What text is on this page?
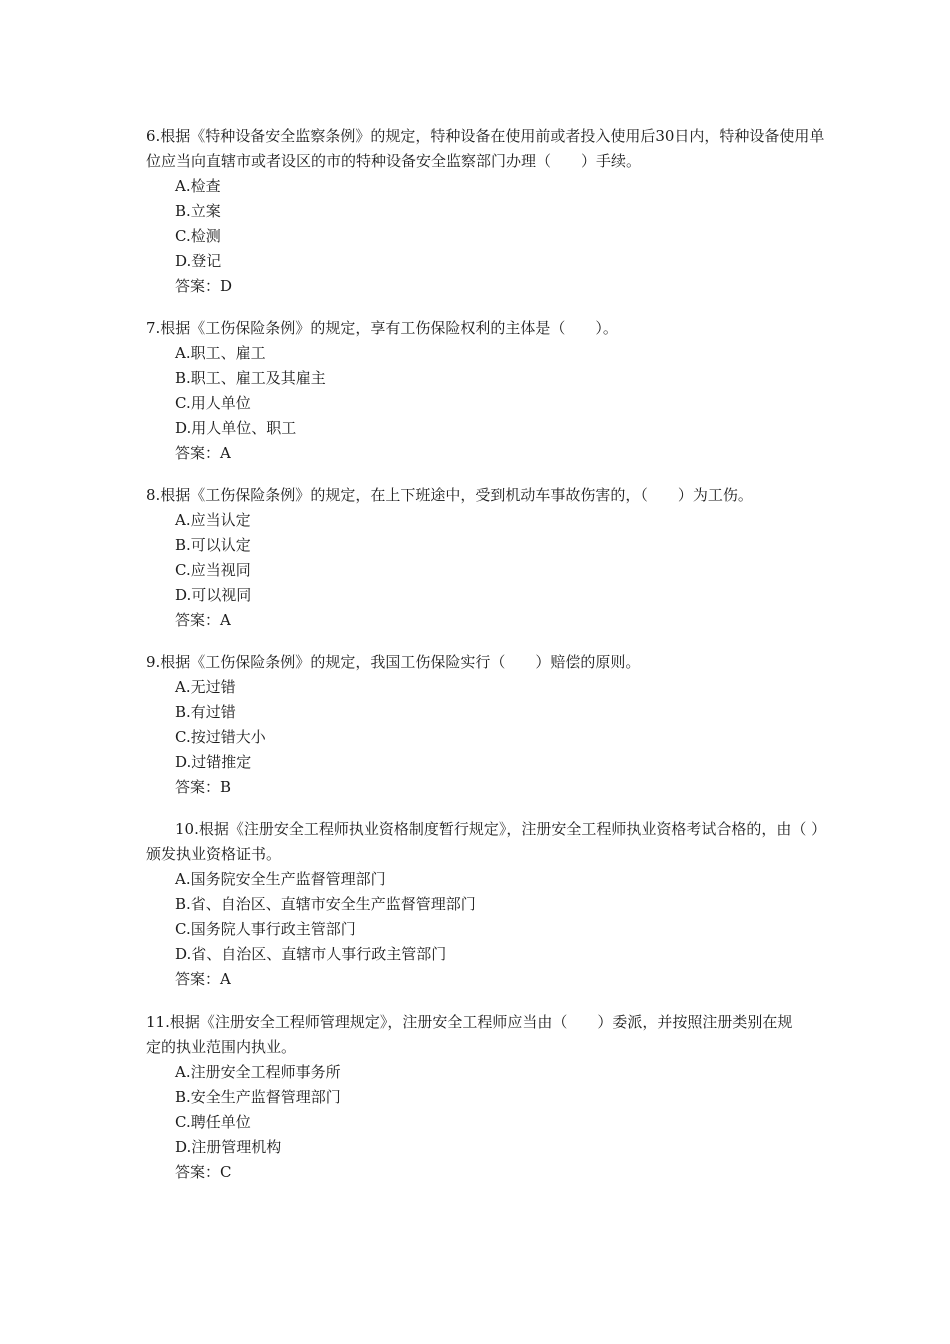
6.根据《特种设备安全监察条例》的规定，特种设备在使用前或者投入使用后30日内，特种设备使用单位应当向直辖市或者设区的市的特种设备安全监察部门办理（　　）手续。

A.检查

B.立案

C.检测

D.登记

答案：D

7.根据《工伤保险条例》的规定，享有工伤保险权利的主体是（　　）。

A.职工、雇工

B.职工、雇工及其雇主

C.用人单位

D.用人单位、职工

答案：A

8.根据《工伤保险条例》的规定，在上下班途中，受到机动车事故伤害的，（　　）为工伤。

A.应当认定

B.可以认定

C.应当视同

D.可以视同

答案：A

9.根据《工伤保险条例》的规定，我国工伤保险实行（　　）赔偿的原则。

A.无过错

B.有过错

C.按过错大小

D.过错推定

答案：B

10.根据《注册安全工程师执业资格制度暂行规定》，注册安全工程师执业资格考试合格的，由（ ）颁发执业资格证书。

A.国务院安全生产监督管理部门

B.省、自治区、直辖市安全生产监督管理部门

C.国务院人事行政主管部门

D.省、自治区、直辖市人事行政主管部门

答案：A

11.根据《注册安全工程师管理规定》，注册安全工程师应当由（　　）委派，并按照注册类别在规定的执业范围内执业。

A.注册安全工程师事务所

B.安全生产监督管理部门

C.聘任单位

D.注册管理机构

答案：C
